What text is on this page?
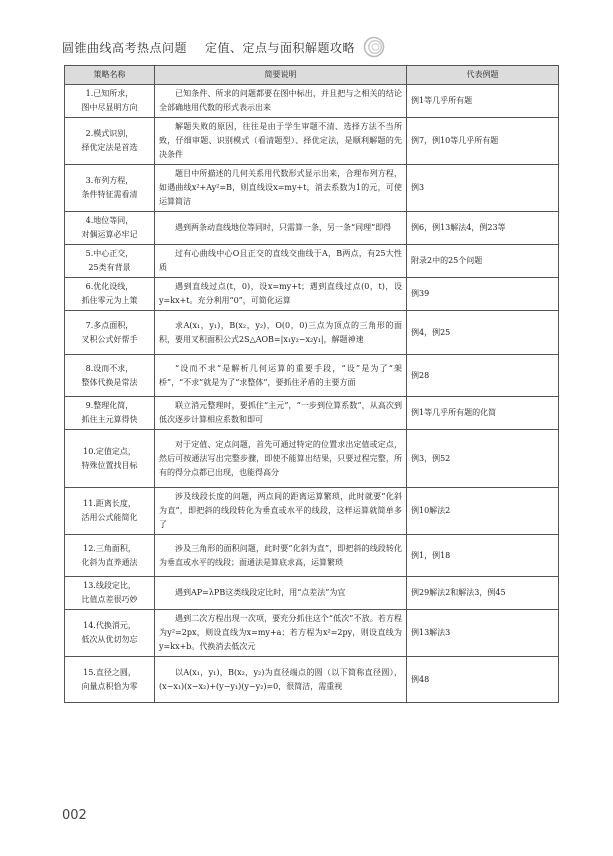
圆锥曲线高考热点问题 定值、定点与面积解题攻略
策略名称	简要说明	代表例题

1.已知所求，
图中尽显明方向	已知条件、所求的问题都要在图中标出，并且把与之相关的结论全部确地用代数的形式表示出来	例1等几乎所有题

2.模式识别，
择优定法是首选	解题失败的原因，往往是由于学生审题不清、选择方法不当所致，仔细审题、识别模式（看清题型）、择优定法，是顺利解题的先决条件	例7，例10等几乎所有题

3.布列方程，
条件特征需看清	题目中所描述的几何关系用代数形式显示出来，合理布列方程，如遇曲线x²+Ay²=B，则直线设x=my+t，消去系数为1的元，可使运算简洁	例3

4.地位等同，
对偶运算必牢记	遇到两条动直线地位等同时，只需算一条，另一条“同理”即得	例6，例13解法4，例23等

5.中心正交，
25类有背景	过有心曲线中心O且正交的直线交曲线于A，B两点，有25大性质	附录2中的25个问题

6.优化设线，
抓住零元为上策	遇到直线过点(t，0)，设x=my+t；遇到直线过点(0，t)，设y=kx+t。充分利用“0”，可简化运算	例39

7.多点面积，
叉积公式好帮手	求A(x₁，y₁)，B(x₂，y₂)，O(0，0)三点为顶点的三角形的面积，要用叉积面积公式2S△AOB=|x₁y₂−x₂y₁|，解题神速	例4，例25

8.设而不求，
整体代换是常法	“设而不求”是解析几何运算的重要手段，“设”是为了“架桥”，“不求”就是为了“求整体”，要抓住矛盾的主要方面	例28

9.整理化简，
抓住主元算得快	联立消元整理时，要抓住“主元”，“一步到位算系数”，从高次到低次逐步计算相应系数和即可	例1等几乎所有题的化简

10.定值定点，
特殊位置找目标	对于定值、定点问题，首先可通过特定的位置求出定值或定点，然后可按通法写出完整步骤，即使不能算出结果，只要过程完整，所有的得分点都已出现，也能得高分	例3，例52

11.距离长度，
活用公式能简化	涉及线段长度的问题，两点间的距离运算繁琐，此时就要“化斜为直”，即把斜的线段转化为垂直或水平的线段，这样运算就简单多了	例10解法2

12.三角面积，
化斜为直养通法	涉及三角形的面积问题，此时要“化斜为直”，即把斜的线段转化为垂直或水平的线段；面通法是算底求高，运算繁琐	例1，例18

13.线段定比，
比值点差很巧妙	遇到AP=λPB这类线段定比时，用“点差法”为宜	例29解法2和解法3，例45

14.代换消元，
低次从优切勿忘	遇到二次方程出现一次项，要充分抓住这个“低次”不放。若方程为y²=2px，则设直线为x=my+a；若方程为x²=2py，则设直线为y=kx+b。代换消去低次元	例13解法3

15.直径之圆，
向量点积恰为零	以A(x₁，y₁)，B(x₂，y₂)为直径端点的圆（以下简称直径圆），(x−x₁)(x−x₂)+(y−y₁)(y−y₂)=0，很简洁，需重视	例48
002
